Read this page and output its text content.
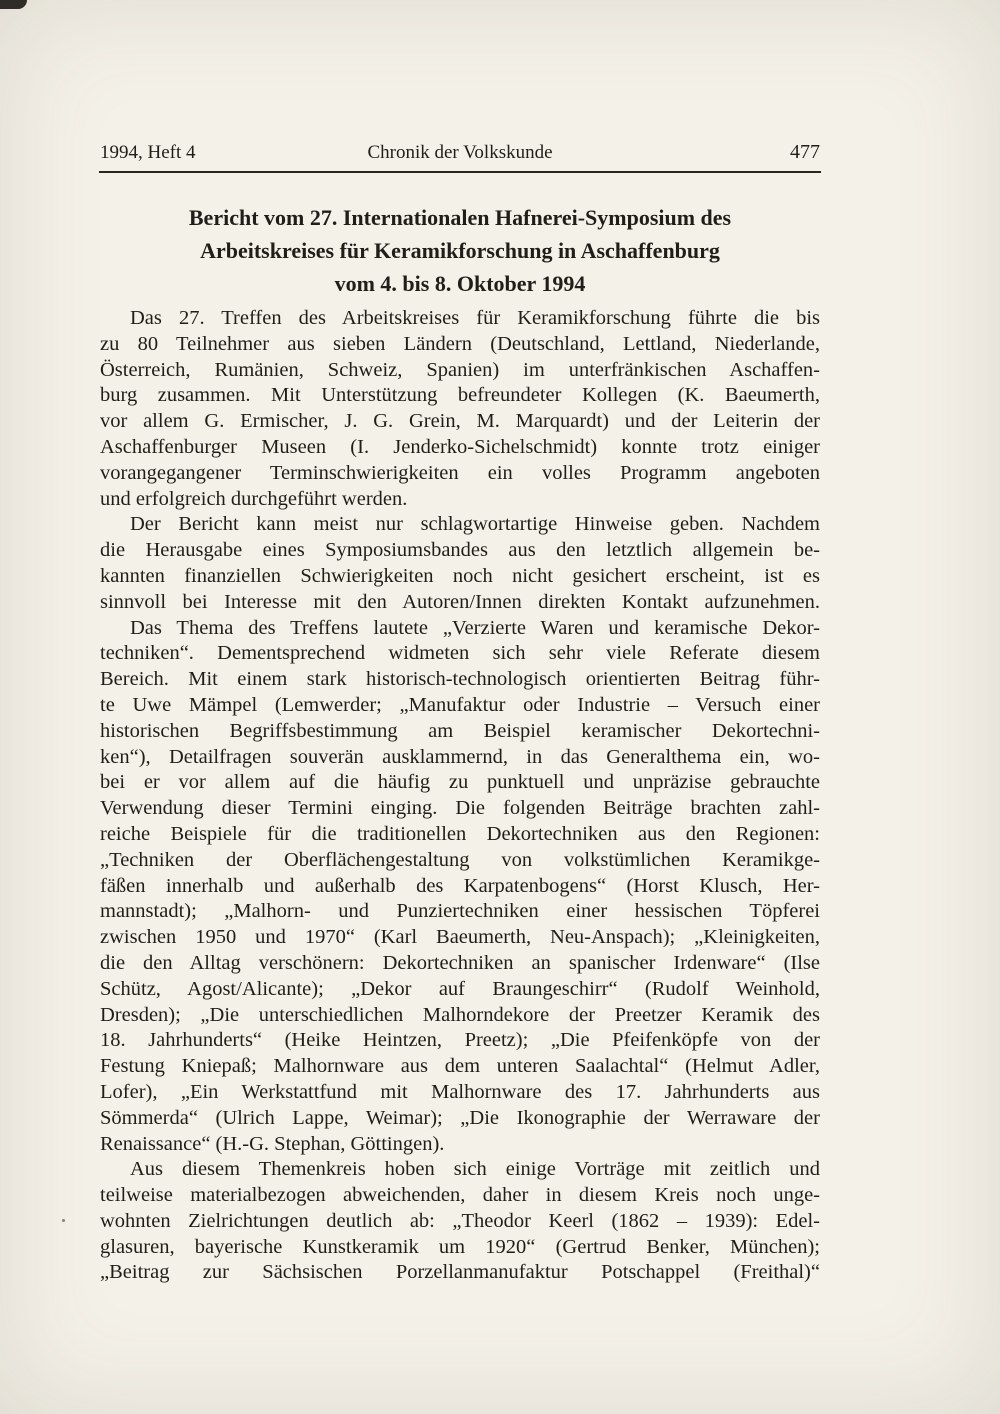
1994, Heft 4	Chronik der Volkskunde	477
Bericht vom 27. Internationalen Hafnerei-Symposium des
Arbeitskreises für Keramikforschung in Aschaffenburg
vom 4. bis 8. Oktober 1994
Das 27. Treffen des Arbeitskreises für Keramikforschung führte die bis
zu 80 Teilnehmer aus sieben Ländern (Deutschland, Lettland, Niederlande,
Österreich, Rumänien, Schweiz, Spanien) im unterfränkischen Aschaffen-
burg zusammen. Mit Unterstützung befreundeter Kollegen (K. Baeumerth,
vor allem G. Ermischer, J. G. Grein, M. Marquardt) und der Leiterin der
Aschaffenburger Museen (I. Jenderko-Sichelschmidt) konnte trotz einiger
vorangegangener Terminschwierigkeiten ein volles Programm angeboten
und erfolgreich durchgeführt werden.
Der Bericht kann meist nur schlagwortartige Hinweise geben. Nachdem
die Herausgabe eines Symposiumsbandes aus den letztlich allgemein be-
kannten finanziellen Schwierigkeiten noch nicht gesichert erscheint, ist es
sinnvoll bei Interesse mit den Autoren/Innen direkten Kontakt aufzunehmen.
Das Thema des Treffens lautete „Verzierte Waren und keramische Dekor-
techniken“. Dementsprechend widmeten sich sehr viele Referate diesem
Bereich. Mit einem stark historisch-technologisch orientierten Beitrag führ-
te Uwe Mämpel (Lemwerder; „Manufaktur oder Industrie – Versuch einer
historischen Begriffsbestimmung am Beispiel keramischer Dekortechni-
ken“), Detailfragen souverän ausklammernd, in das Generalthema ein, wo-
bei er vor allem auf die häufig zu punktuell und unpräzise gebrauchte
Verwendung dieser Termini einging. Die folgenden Beiträge brachten zahl-
reiche Beispiele für die traditionellen Dekortechniken aus den Regionen:
„Techniken der Oberflächengestaltung von volkstümlichen Keramikge-
fäßen innerhalb und außerhalb des Karpatenbogens“ (Horst Klusch, Her-
mannstadt); „Malhorn- und Punziertechniken einer hessischen Töpferei
zwischen 1950 und 1970“ (Karl Baeumerth, Neu-Anspach); „Kleinigkeiten,
die den Alltag verschönern: Dekortechniken an spanischer Irdenware“ (Ilse
Schütz, Agost/Alicante); „Dekor auf Braungeschirr“ (Rudolf Weinhold,
Dresden); „Die unterschiedlichen Malhorndekore der Preetzer Keramik des
18. Jahrhunderts“ (Heike Heintzen, Preetz); „Die Pfeifenköpfe von der
Festung Kniepaß; Malhornware aus dem unteren Saalachtal“ (Helmut Adler,
Lofer), „Ein Werkstattfund mit Malhornware des 17. Jahrhunderts aus
Sömmerda“ (Ulrich Lappe, Weimar); „Die Ikonographie der Werraware der
Renaissance“ (H.-G. Stephan, Göttingen).
Aus diesem Themenkreis hoben sich einige Vorträge mit zeitlich und
teilweise materialbezogen abweichenden, daher in diesem Kreis noch unge-
wohnten Zielrichtungen deutlich ab: „Theodor Keerl (1862 – 1939): Edel-
glasuren, bayerische Kunstkeramik um 1920“ (Gertrud Benker, München);
„Beitrag zur Sächsischen Porzellanmanufaktur Potschappel (Freithal)“
